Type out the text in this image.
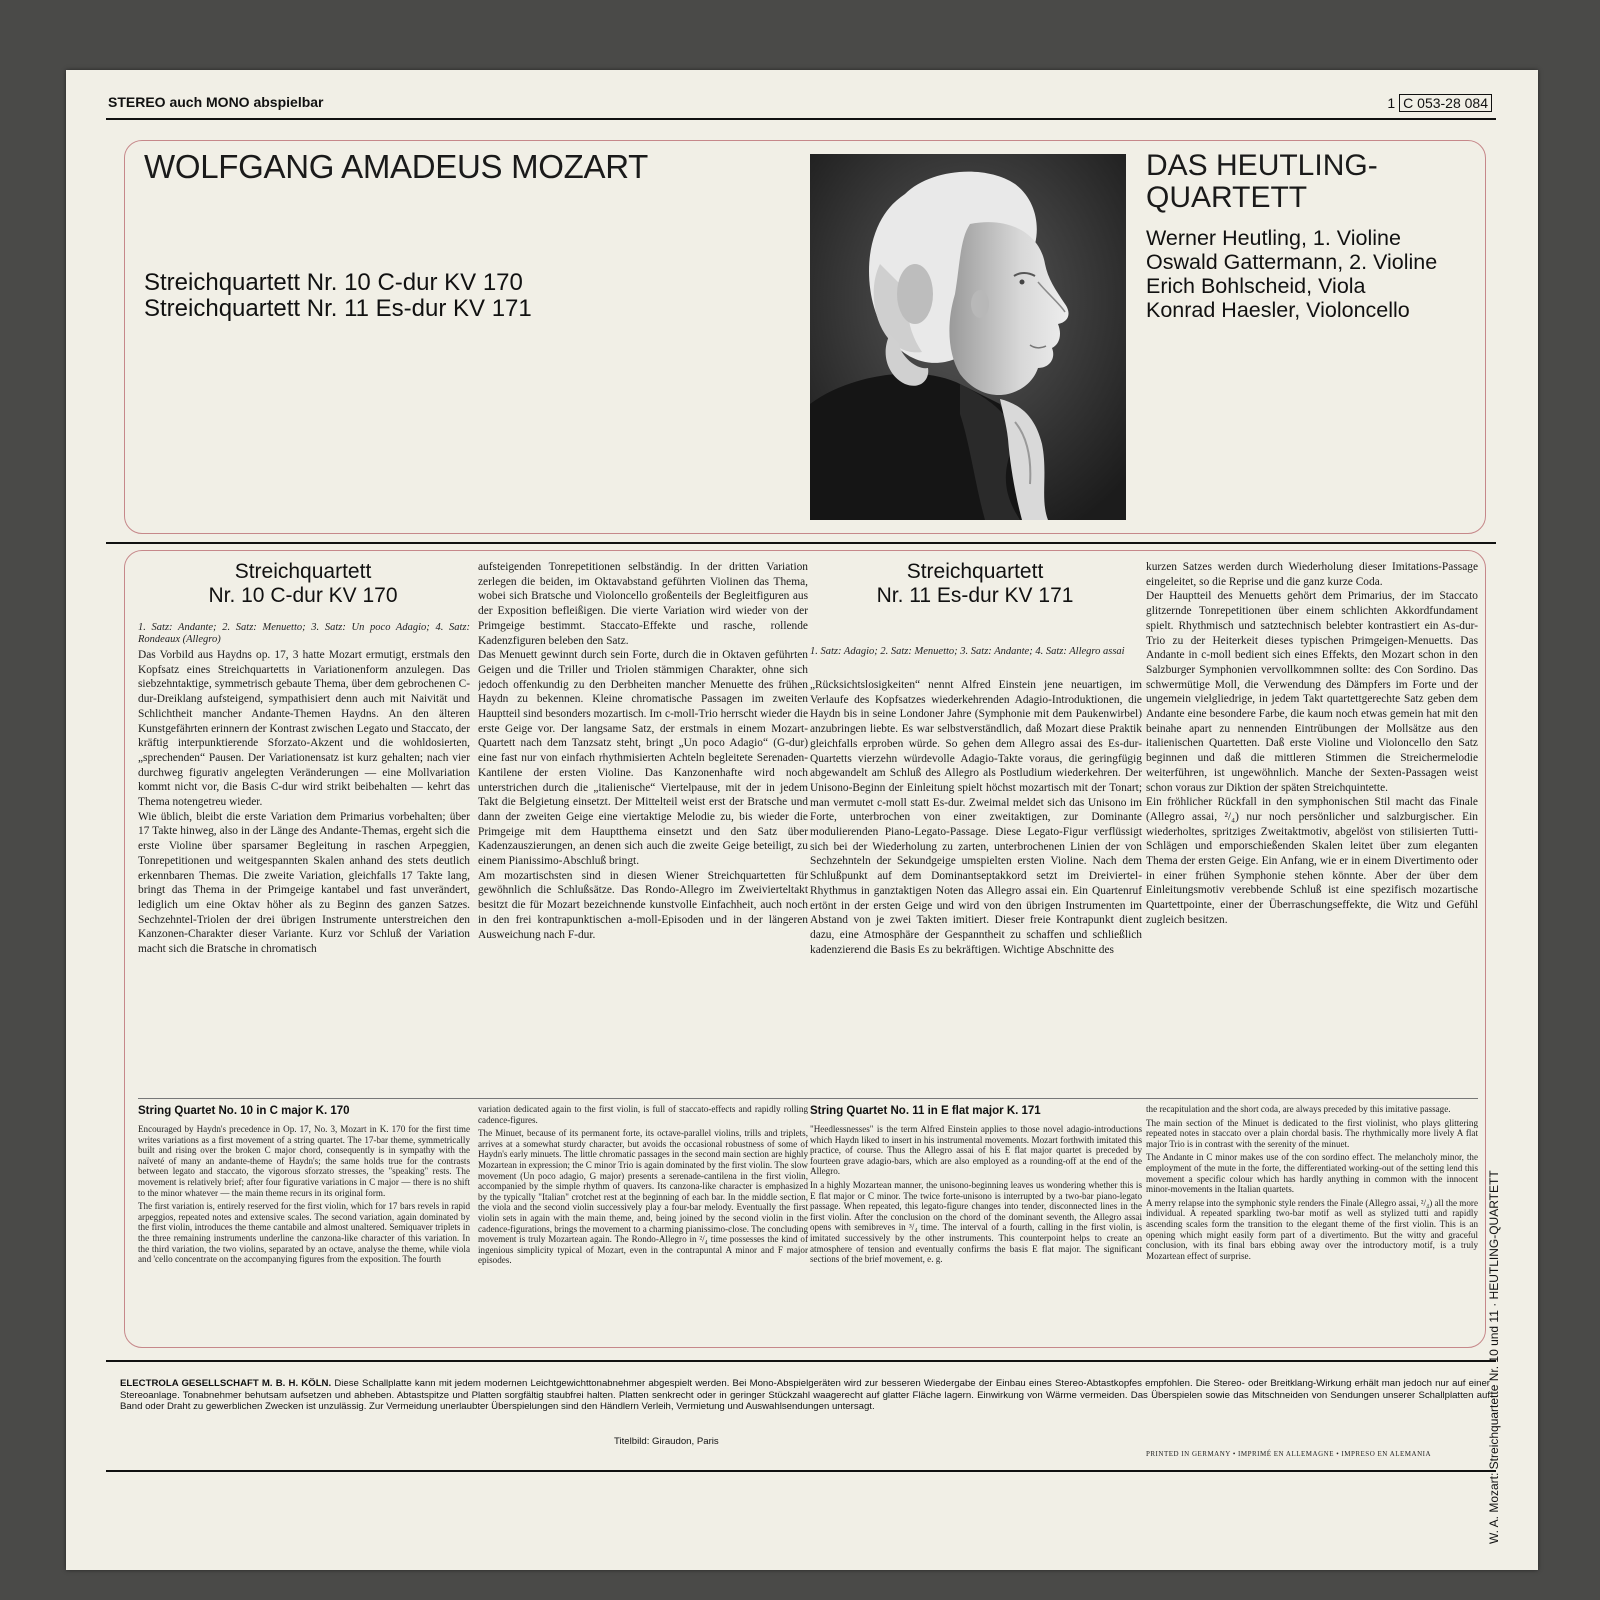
STEREO auch MONO abspielbar	1 C 053-28 084
WOLFGANG AMADEUS MOZART
Streichquartett Nr. 10 C-dur KV 170
Streichquartett Nr. 11 Es-dur KV 171
DAS HEUTLING-
QUARTETT
Werner Heutling, 1. Violine
Oswald Gattermann, 2. Violine
Erich Bohlscheid, Viola
Konrad Haesler, Violoncello
Streichquartett
Nr. 10 C-dur KV 170
1. Satz: Andante; 2. Satz: Menuetto; 3. Satz: Un poco Adagio; 4. Satz: Rondeaux (Allegro)

Das Vorbild aus Haydns op. 17, 3 hatte Mozart ermutigt, erstmals den Kopfsatz eines Streichquartetts in Variationenform anzulegen. Das siebzehntaktige, symmetrisch gebaute Thema, über dem gebrochenen C-dur-Dreiklang aufsteigend, sympathisiert denn auch mit Naivität und Schlichtheit mancher Andante-Themen Haydns. An den älteren Kunstgefährten erinnern der Kontrast zwischen Legato und Staccato, der kräftig interpunktierende Sforzato-Akzent und die wohldosierten, „sprechenden“ Pausen. Der Variationensatz ist kurz gehalten; nach vier durchweg figurativ angelegten Veränderungen — eine Mollvariation kommt nicht vor, die Basis C-dur wird strikt beibehalten — kehrt das Thema notengetreu wieder.

Wie üblich, bleibt die erste Variation dem Primarius vorbehalten; über 17 Takte hinweg, also in der Länge des Andante-Themas, ergeht sich die erste Violine über sparsamer Begleitung in raschen Arpeggien, Tonrepetitionen und weitgespannten Skalen anhand des stets deutlich erkennbaren Themas. Die zweite Variation, gleichfalls 17 Takte lang, bringt das Thema in der Primgeige kantabel und fast unverändert, lediglich um eine Oktav höher als zu Beginn des ganzen Satzes. Sechzehntel-Triolen der drei übrigen Instrumente unterstreichen den Kanzonen-Charakter dieser Variante. Kurz vor Schluß der Variation macht sich die Bratsche in chromatisch

aufsteigenden Tonrepetitionen selbständig. In der dritten Variation zerlegen die beiden, im Oktavabstand geführten Violinen das Thema, wobei sich Bratsche und Violoncello großenteils der Begleitfiguren aus der Exposition befleißigen. Die vierte Variation wird wieder von der Primgeige bestimmt. Staccato-Effekte und rasche, rollende Kadenzfiguren beleben den Satz.

Das Menuett gewinnt durch sein Forte, durch die in Oktaven geführten Geigen und die Triller und Triolen stämmigen Charakter, ohne sich jedoch offenkundig zu den Derbheiten mancher Menuette des frühen Haydn zu bekennen. Kleine chromatische Passagen im zweiten Hauptteil sind besonders mozartisch. Im c-moll-Trio herrscht wieder die erste Geige vor. Der langsame Satz, der erstmals in einem Mozart-Quartett nach dem Tanzsatz steht, bringt „Un poco Adagio“ (G-dur) eine fast nur von einfach rhythmisierten Achteln begleitete Serenaden-Kantilene der ersten Violine. Das Kanzonenhafte wird noch unterstrichen durch die „italienische“ Viertelpause, mit der in jedem Takt die Belgietung einsetzt. Der Mittelteil weist erst der Bratsche und dann der zweiten Geige eine viertaktige Melodie zu, bis wieder die Primgeige mit dem Hauptthema einsetzt und den Satz über Kadenzauszierungen, an denen sich auch die zweite Geige beteiligt, zu einem Pianissimo-Abschluß bringt.

Am mozartischsten sind in diesen Wiener Streichquartetten für gewöhnlich die Schlußsätze. Das Rondo-Allegro im Zweivierteltakt besitzt die für Mozart bezeichnende kunstvolle Einfachheit, auch noch in den frei kontrapunktischen a-moll-Episoden und in der längeren Ausweichung nach F-dur.

Streichquartett
Nr. 11 Es-dur KV 171
1. Satz: Adagio; 2. Satz: Menuetto; 3. Satz: Andante; 4. Satz: Allegro assai

„Rücksichtslosigkeiten“ nennt Alfred Einstein jene neuartigen, im Verlaufe des Kopfsatzes wiederkehrenden Adagio-Introduktionen, die Haydn bis in seine Londoner Jahre (Symphonie mit dem Paukenwirbel) anzubringen liebte. Es war selbstverständlich, daß Mozart diese Praktik gleichfalls erproben würde. So gehen dem Allegro assai des Es-dur-Quartetts vierzehn würdevolle Adagio-Takte voraus, die geringfügig abgewandelt am Schluß des Allegro als Postludium wiederkehren. Der Unisono-Beginn der Einleitung spielt höchst mozartisch mit der Tonart; man vermutet c-moll statt Es-dur. Zweimal meldet sich das Unisono im Forte, unterbrochen von einer zweitaktigen, zur Dominante modulierenden Piano-Legato-Passage. Diese Legato-Figur verflüssigt sich bei der Wiederholung zu zarten, unterbrochenen Linien der von Sechzehnteln der Sekundgeige umspielten ersten Violine. Nach dem Schlußpunkt auf dem Dominantseptakkord setzt im Dreiviertel-Rhythmus in ganztaktigen Noten das Allegro assai ein. Ein Quartenruf ertönt in der ersten Geige und wird von den übrigen Instrumenten im Abstand von je zwei Takten imitiert. Dieser freie Kontrapunkt dient dazu, eine Atmosphäre der Gespanntheit zu schaffen und schließlich kadenzierend die Basis Es zu bekräftigen. Wichtige Abschnitte des

kurzen Satzes werden durch Wiederholung dieser Imitations-Passage eingeleitet, so die Reprise und die ganz kurze Coda.

Der Hauptteil des Menuetts gehört dem Primarius, der im Staccato glitzernde Tonrepetitionen über einem schlichten Akkordfundament spielt. Rhythmisch und satztechnisch belebter kontrastiert ein As-dur-Trio zu der Heiterkeit dieses typischen Primgeigen-Menuetts. Das Andante in c-moll bedient sich eines Effekts, den Mozart schon in den Salzburger Symphonien vervollkommnen sollte: des Con Sordino. Das schwermütige Moll, die Verwendung des Dämpfers im Forte und der ungemein vielgliedrige, in jedem Takt quartettgerechte Satz geben dem Andante eine besondere Farbe, die kaum noch etwas gemein hat mit den beinahe apart zu nennenden Eintrübungen der Mollsätze aus den italienischen Quartetten. Daß erste Violine und Violoncello den Satz beginnen und daß die mittleren Stimmen die Streichermelodie weiterführen, ist ungewöhnlich. Manche der Sexten-Passagen weist schon voraus zur Diktion der späten Streichquintette.

Ein fröhlicher Rückfall in den symphonischen Stil macht das Finale (Allegro assai, ²/₄) nur noch persönlicher und salzburgischer. Ein wiederholtes, spritziges Zweitaktmotiv, abgelöst von stilisierten Tutti-Schlägen und emporschießenden Skalen leitet über zum eleganten Thema der ersten Geige. Ein Anfang, wie er in einem Divertimento oder in einer frühen Symphonie stehen könnte. Aber der über dem Einleitungsmotiv verebbende Schluß ist eine spezifisch mozartische Quartettpointe, einer der Überraschungseffekte, die Witz und Gefühl zugleich besitzen.

String Quartet No. 10 in C major K. 170

Encouraged by Haydn's precedence in Op. 17, No. 3, Mozart in K. 170 for the first time writes variations as a first movement of a string quartet. The 17-bar theme, symmetrically built and rising over the broken C major chord, consequently is in sympathy with the naïveté of many an andante-theme of Haydn's; the same holds true for the contrasts between legato and staccato, the vigorous sforzato stresses, the "speaking" rests. The movement is relatively brief; after four figurative variations in C major — there is no shift to the minor whatever — the main theme recurs in its original form.

The first variation is, entirely reserved for the first violin, which for 17 bars revels in rapid arpeggios, repeated notes and extensive scales. The second variation, again dominated by the first violin, introduces the theme cantabile and almost unaltered. Semiquaver triplets in the three remaining instruments underline the canzona-like character of this variation. In the third variation, the two violins, separated by an octave, analyse the theme, while viola and 'cello concentrate on the accompanying figures from the exposition. The fourth

variation dedicated again to the first violin, is full of staccato-effects and rapidly rolling cadence-figures.

The Minuet, because of its permanent forte, its octave-parallel violins, trills and triplets, arrives at a somewhat sturdy character, but avoids the occasional robustness of some of Haydn's early minuets. The little chromatic passages in the second main section are highly Mozartean in expression; the C minor Trio is again dominated by the first violin. The slow movement (Un poco adagio, G major) presents a serenade-cantilena in the first violin, accompanied by the simple rhythm of quavers. Its canzona-like character is emphasized by the typically "Italian" crotchet rest at the beginning of each bar. In the middle section, the viola and the second violin successively play a four-bar melody. Eventually the first violin sets in again with the main theme, and, being joined by the second violin in the cadence-figurations, brings the movement to a charming pianissimo-close. The concluding movement is truly Mozartean again. The Rondo-Allegro in ²/₄ time possesses the kind of ingenious simplicity typical of Mozart, even in the contrapuntal A minor and F major episodes.

String Quartet No. 11 in E flat major K. 171

"Heedlessnesses" is the term Alfred Einstein applies to those novel adagio-introductions which Haydn liked to insert in his instrumental movements. Mozart forthwith imitated this practice, of course. Thus the Allegro assai of his E flat major quartet is preceded by fourteen grave adagio-bars, which are also employed as a rounding-off at the end of the Allegro.

In a highly Mozartean manner, the unisono-beginning leaves us wondering whether this is E flat major or C minor. The twice forte-unisono is interrupted by a two-bar piano-legato passage. When repeated, this legato-figure changes into tender, disconnected lines in the first violin. After the conclusion on the chord of the dominant seventh, the Allegro assai opens with semibreves in ³/₄ time. The interval of a fourth, calling in the first violin, is imitated successively by the other instruments. This counterpoint helps to create an atmosphere of tension and eventually confirms the basis E flat major. The significant sections of the brief movement, e. g.

the recapitulation and the short coda, are always preceded by this imitative passage.

The main section of the Minuet is dedicated to the first violinist, who plays glittering repeated notes in staccato over a plain chordal basis. The rhythmically more lively A flat major Trio is in contrast with the serenity of the minuet.

The Andante in C minor makes use of the con sordino effect. The melancholy minor, the employment of the mute in the forte, the differentiated working-out of the setting lend this movement a specific colour which has hardly anything in common with the innocent minor-movements in the Italian quartets.

A merry relapse into the symphonic style renders the Finale (Allegro assai, ²/₄) all the more individual. A repeated sparkling two-bar motif as well as stylized tutti and rapidly ascending scales form the transition to the elegant theme of the first violin. This is an opening which might easily form part of a divertimento. But the witty and graceful conclusion, with its final bars ebbing away over the introductory motif, is a truly Mozartean effect of surprise.

ELECTROLA GESELLSCHAFT M. B. H. KÖLN. Diese Schallplatte kann mit jedem modernen Leichtgewichttonabnehmer abgespielt werden. Bei Mono-Abspielgeräten wird zur besseren Wiedergabe der Einbau eines Stereo-Abtastkopfes empfohlen. Die Stereo- oder Breitklang-Wirkung erhält man jedoch nur auf einer Stereoanlage. Tonabnehmer behutsam aufsetzen und abheben. Abtastspitze und Platten sorgfältig staubfrei halten. Platten senkrecht oder in geringer Stückzahl waagerecht auf glatter Fläche lagern. Einwirkung von Wärme vermeiden. Das Überspielen sowie das Mitschneiden von Sendungen unserer Schallplatten auf Band oder Draht zu gewerblichen Zwecken ist unzulässig. Zur Vermeidung unerlaubter Überspielungen sind den Händlern Verleih, Vermietung und Auswahlsendungen untersagt.
Titelbild: Giraudon, Paris
PRINTED IN GERMANY • IMPRIMÉ EN ALLEMAGNE • IMPRESO EN ALEMANIA	W. A. Mozart: Streichquartette Nr. 10 und 11 · HEUTLING-QUARTETT
